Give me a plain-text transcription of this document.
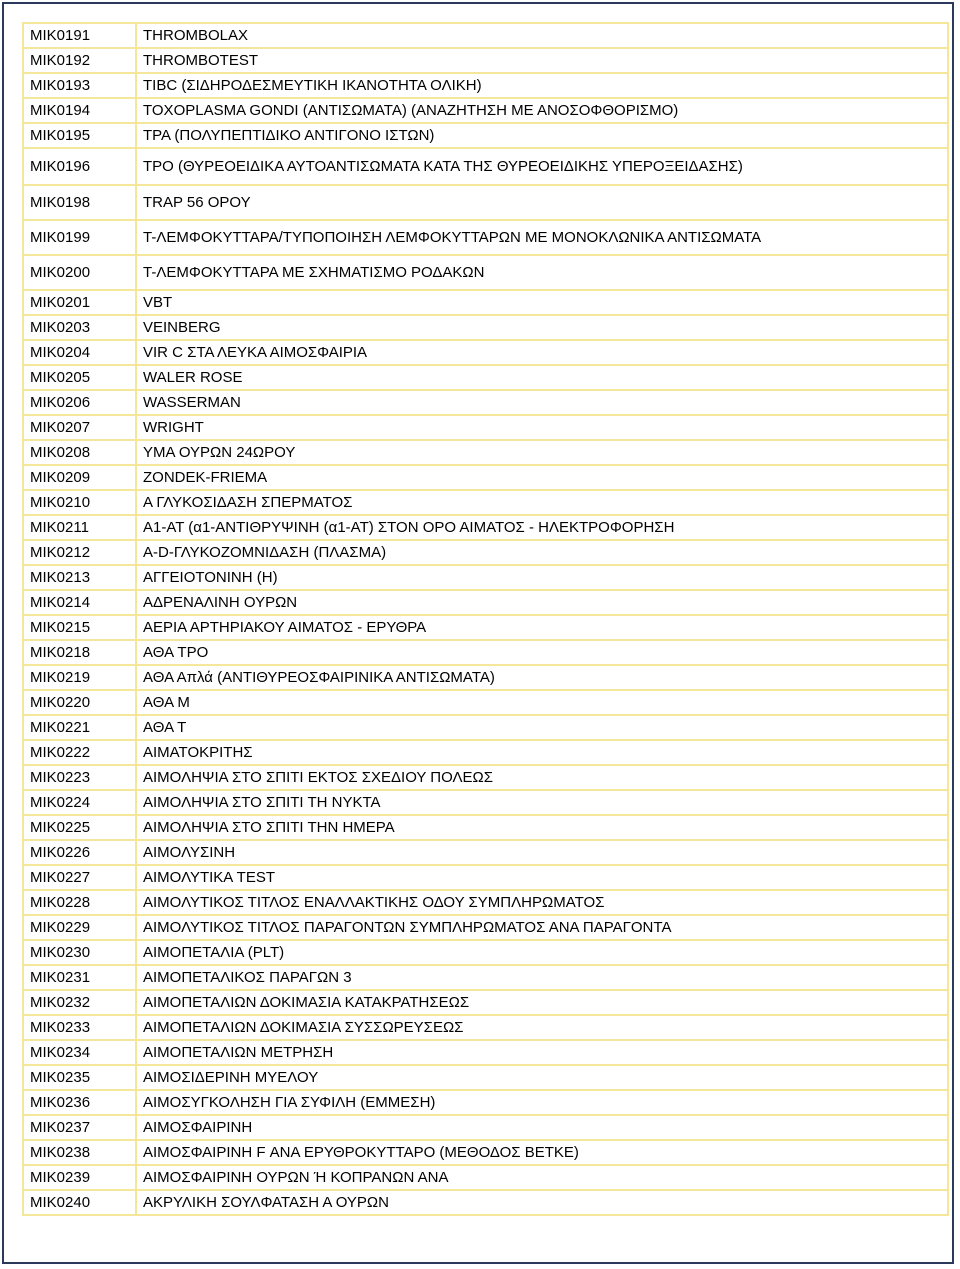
MIK0191	THROMBOLAX
MIK0192	THROMBOTEST
MIK0193	TIBC (ΣΙΔΗΡΟΔΕΣΜΕΥΤΙΚΗ ΙΚΑΝΟΤΗΤΑ ΟΛΙΚΗ)
MIK0194	TOXOPLASMA GONDI (ΑΝΤΙΣΩΜΑΤΑ) (ΑΝΑΖΗΤΗΣΗ ΜΕ ΑΝΟΣΟΦΘΟΡΙΣΜΟ)
MIK0195	TPA (ΠΟΛΥΠΕΠΤΙΔΙΚΟ ΑΝΤΙΓΟΝΟ ΙΣΤΩΝ)
MIK0196	TPO (ΘΥΡΕΟΕΙΔΙΚΑ ΑΥΤΟΑΝΤΙΣΩΜΑΤΑ ΚΑΤΑ ΤΗΣ ΘΥΡΕΟΕΙΔΙΚΗΣ ΥΠΕΡΟΞΕΙΔΑΣΗΣ)
MIK0198	TRAP 56 ΟΡΟΥ
MIK0199	T-ΛΕΜΦΟΚΥΤΤΑΡΑ/ΤΥΠΟΠΟΙΗΣΗ ΛΕΜΦΟΚΥΤΤΑΡΩΝ ΜΕ ΜΟΝΟΚΛΩΝΙΚΑ ΑΝΤΙΣΩΜΑΤΑ
MIK0200	T-ΛΕΜΦΟΚΥΤΤΑΡΑ ΜΕ ΣΧΗΜΑΤΙΣΜΟ ΡΟΔΑΚΩΝ
MIK0201	VBT
MIK0203	VEINBERG
MIK0204	VIR C ΣΤΑ ΛΕΥΚΑ ΑΙΜΟΣΦΑΙΡΙΑ
MIK0205	WALER ROSE
MIK0206	WASSERMAN
MIK0207	WRIGHT
MIK0208	ΥΜΑ ΟΥΡΩΝ 24ΩΡΟΥ
MIK0209	ZONDEK-FRIEMA
MIK0210	Α ΓΛΥΚΟΣΙΔΑΣΗ ΣΠΕΡΜΑΤΟΣ
MIK0211	A1-AT (α1-ΑΝΤΙΘΡΥΨΙΝΗ (α1-AT) ΣΤΟΝ ΟΡΟ ΑΙΜΑΤΟΣ - ΗΛΕΚΤΡΟΦΟΡΗΣΗ
MIK0212	A-D-ΓΛΥΚΟΖΟΜΝΙΔΑΣΗ (ΠΛΑΣΜΑ)
MIK0213	ΑΓΓΕΙΟΤΟΝΙΝΗ (Η)
MIK0214	ΑΔΡΕΝΑΛΙΝΗ ΟΥΡΩΝ
MIK0215	ΑΕΡΙΑ ΑΡΤΗΡΙΑΚΟΥ ΑΙΜΑΤΟΣ - ΕΡΥΘΡΑ
MIK0218	ΑΘΑ TPO
MIK0219	ΑΘΑ Απλά (ΑΝΤΙΘΥΡΕΟΣΦΑΙΡΙΝΙΚΑ ΑΝΤΙΣΩΜΑΤΑ)
MIK0220	ΑΘΑ Μ
MIK0221	ΑΘΑ Τ
MIK0222	ΑΙΜΑΤΟΚΡΙΤΗΣ
MIK0223	ΑΙΜΟΛΗΨΙΑ ΣΤΟ ΣΠΙΤΙ ΕΚΤΟΣ ΣΧΕΔΙΟΥ ΠΟΛΕΩΣ
MIK0224	ΑΙΜΟΛΗΨΙΑ ΣΤΟ ΣΠΙΤΙ ΤΗ ΝΥΚΤΑ
MIK0225	ΑΙΜΟΛΗΨΙΑ ΣΤΟ ΣΠΙΤΙ ΤΗΝ ΗΜΕΡΑ
MIK0226	ΑΙΜΟΛΥΣΙΝΗ
MIK0227	ΑΙΜΟΛΥΤΙΚΑ TEST
MIK0228	ΑΙΜΟΛΥΤΙΚΟΣ ΤΙΤΛΟΣ ΕΝΑΛΛΑΚΤΙΚΗΣ ΟΔΟΥ ΣΥΜΠΛΗΡΩΜΑΤΟΣ
MIK0229	ΑΙΜΟΛΥΤΙΚΟΣ ΤΙΤΛΟΣ ΠΑΡΑΓΟΝΤΩΝ ΣΥΜΠΛΗΡΩΜΑΤΟΣ ΑΝΑ ΠΑΡΑΓΟΝΤΑ
MIK0230	ΑΙΜΟΠΕΤΑΛΙΑ (PLT)
MIK0231	ΑΙΜΟΠΕΤΑΛΙΚΟΣ ΠΑΡΑΓΩΝ 3
MIK0232	ΑΙΜΟΠΕΤΑΛΙΩΝ ΔΟΚΙΜΑΣΙΑ ΚΑΤΑΚΡΑΤΗΣΕΩΣ
MIK0233	ΑΙΜΟΠΕΤΑΛΙΩΝ ΔΟΚΙΜΑΣΙΑ ΣΥΣΣΩΡΕΥΣΕΩΣ
MIK0234	ΑΙΜΟΠΕΤΑΛΙΩΝ ΜΕΤΡΗΣΗ
MIK0235	ΑΙΜΟΣΙΔΕΡΙΝΗ ΜΥΕΛΟΥ
MIK0236	ΑΙΜΟΣΥΓΚΟΛΗΣΗ ΓΙΑ ΣΥΦΙΛΗ (ΕΜΜΕΣΗ)
MIK0237	ΑΙΜΟΣΦΑΙΡΙΝΗ
MIK0238	ΑΙΜΟΣΦΑΙΡΙΝΗ F ΑΝΑ ΕΡΥΘΡΟΚΥΤΤΑΡΟ (ΜΕΘΟΔΟΣ ΒΕΤΚΕ)
MIK0239	ΑΙΜΟΣΦΑΙΡΙΝΗ ΟΥΡΩΝ Ή ΚΟΠΡΑΝΩΝ ΑΝΑ
MIK0240	ΑΚΡΥΛΙΚΗ ΣΟΥΛΦΑΤΑΣΗ Α ΟΥΡΩΝ
